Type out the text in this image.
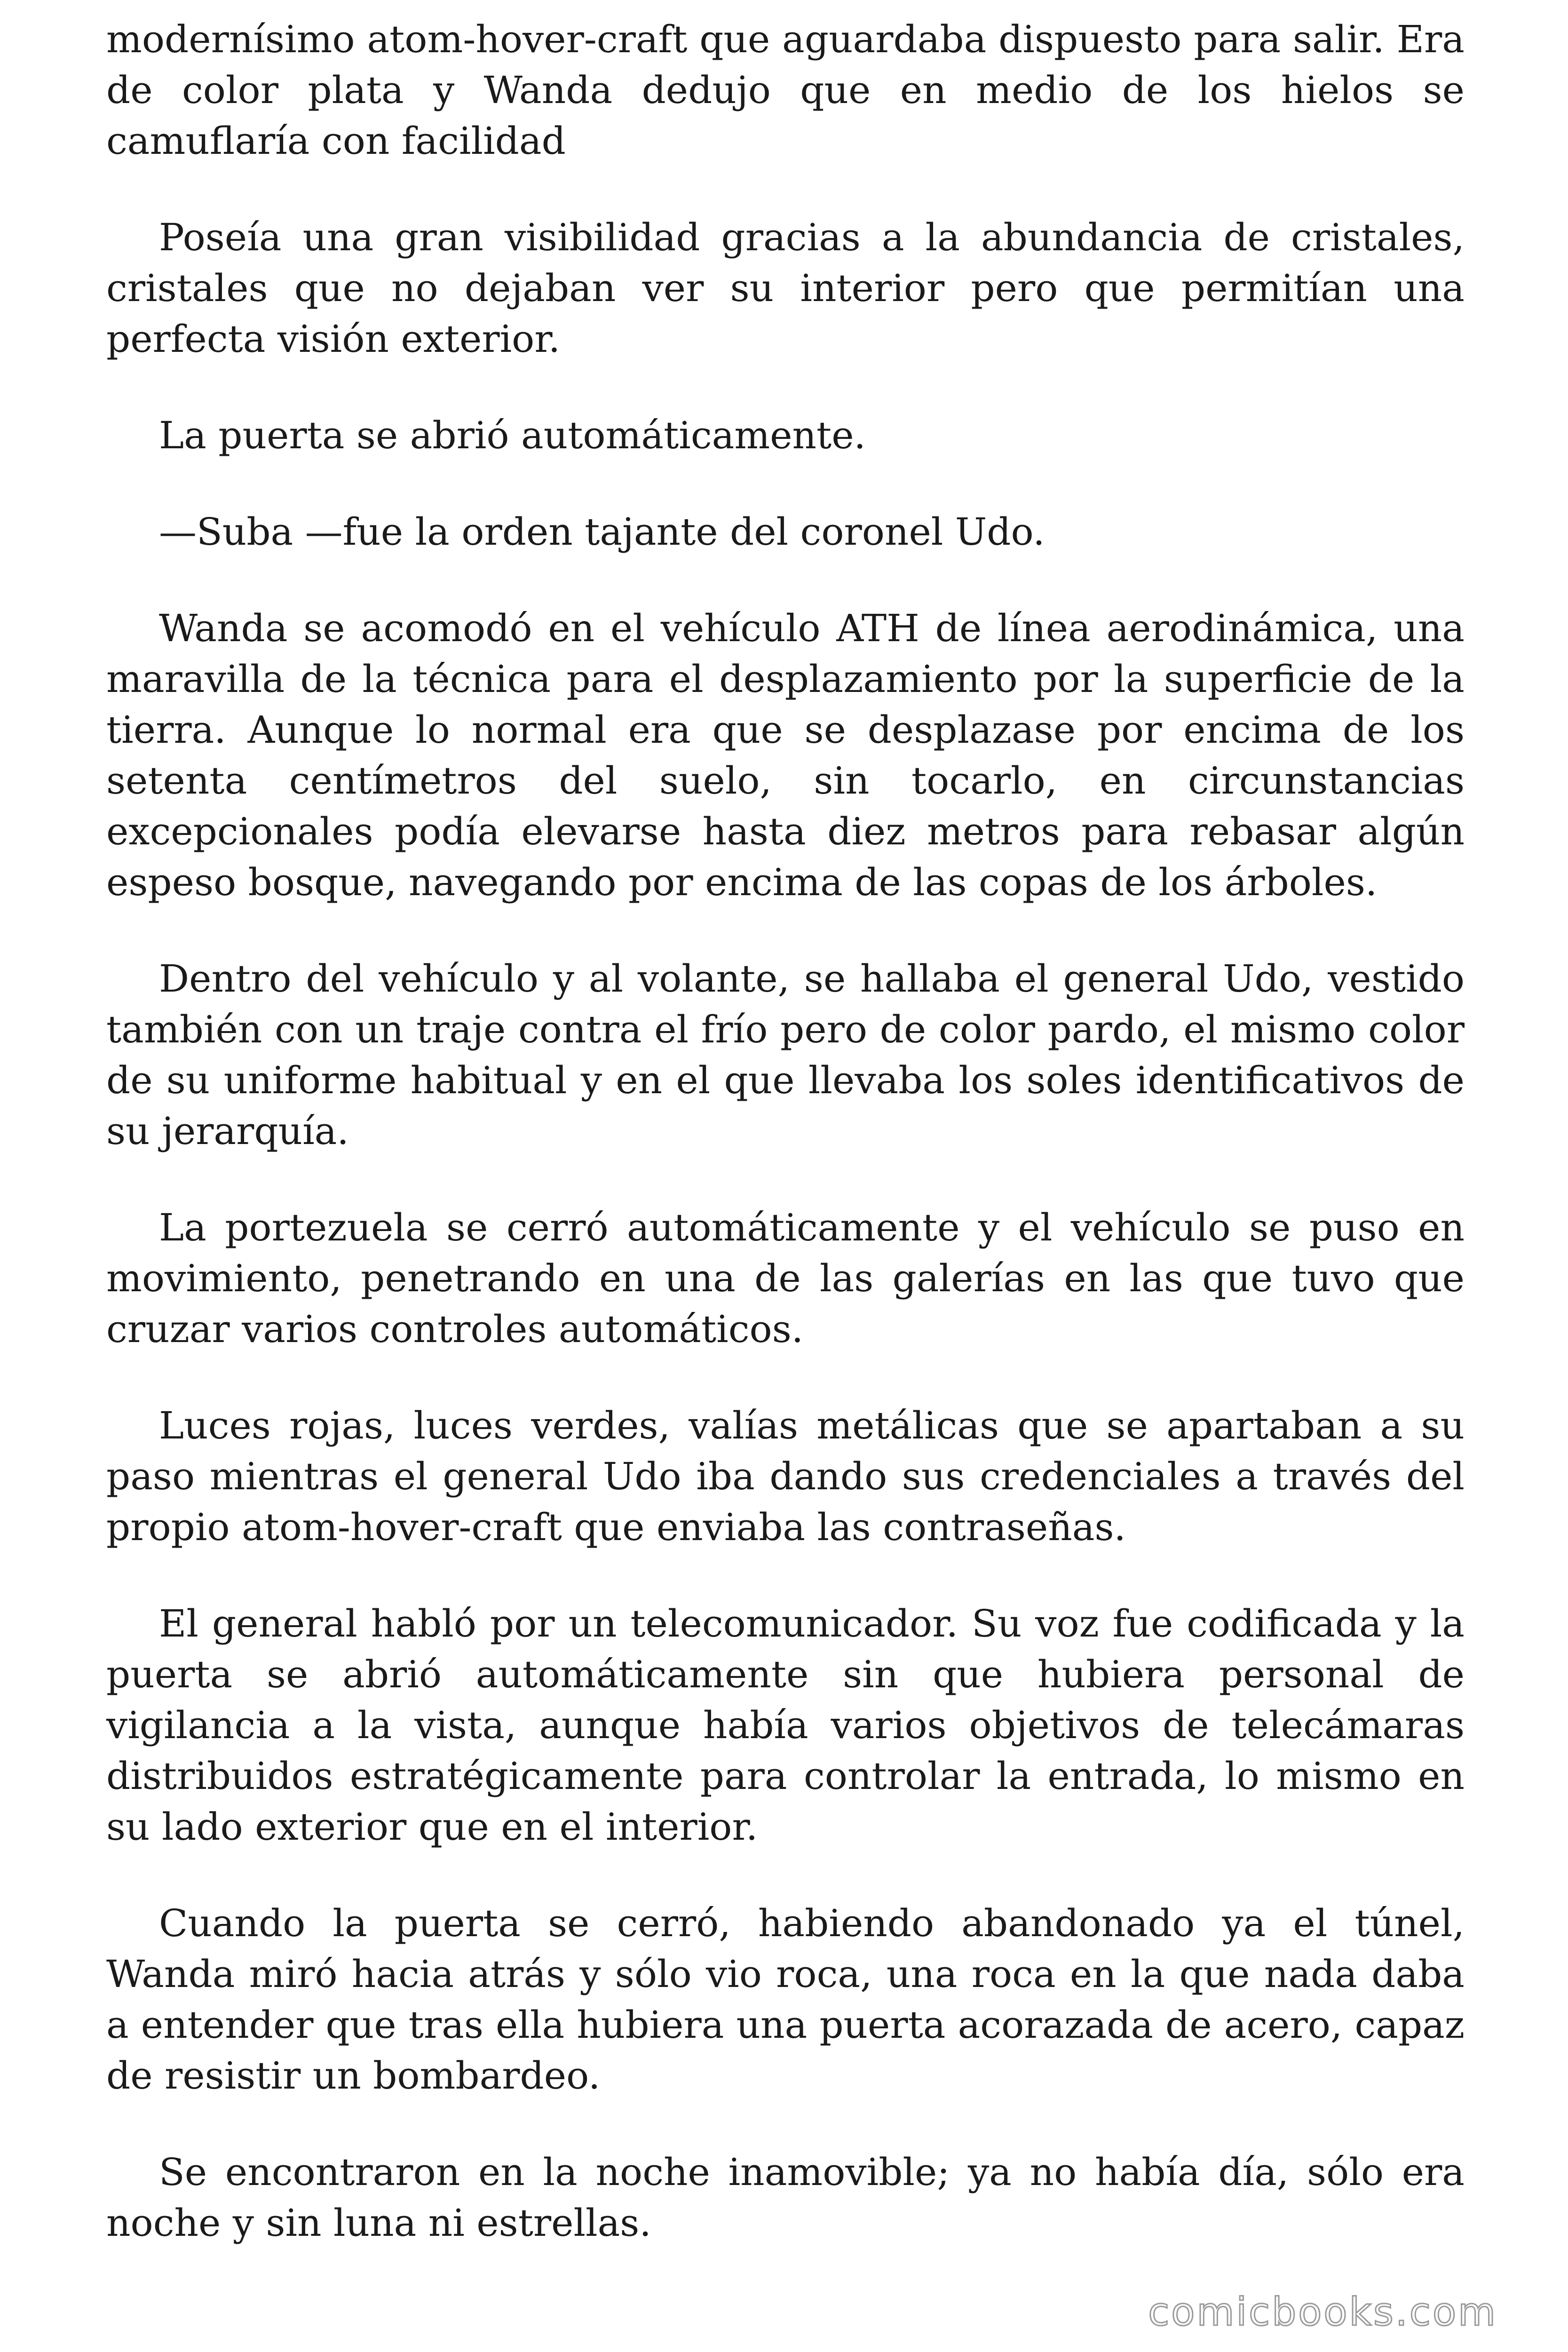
modernísimo atom-hover-craft que aguardaba dispuesto para salir. Era de color plata y Wanda dedujo que en medio de los hielos se camuflaría con facilidad

Poseía una gran visibilidad gracias a la abundancia de cristales, cristales que no dejaban ver su interior pero que permitían una perfecta visión exterior.

La puerta se abrió automáticamente.

—Suba —fue la orden tajante del coronel Udo.

Wanda se acomodó en el vehículo ATH de línea aerodinámica, una maravilla de la técnica para el desplazamiento por la superficie de la tierra. Aunque lo normal era que se desplazase por encima de los setenta centímetros del suelo, sin tocarlo, en circunstancias excepcionales podía elevarse hasta diez metros para rebasar algún espeso bosque, navegando por encima de las copas de los árboles.

Dentro del vehículo y al volante, se hallaba el general Udo, vestido también con un traje contra el frío pero de color pardo, el mismo color de su uniforme habitual y en el que llevaba los soles identificativos de su jerarquía.

La portezuela se cerró automáticamente y el vehículo se puso en movimiento, penetrando en una de las galerías en las que tuvo que cruzar varios controles automáticos.

Luces rojas, luces verdes, valías metálicas que se apartaban a su paso mientras el general Udo iba dando sus credenciales a través del propio atom-hover-craft que enviaba las contraseñas.

El general habló por un telecomunicador. Su voz fue codificada y la puerta se abrió automáticamente sin que hubiera personal de vigilancia a la vista, aunque había varios objetivos de telecámaras distribuidos estratégicamente para controlar la entrada, lo mismo en su lado exterior que en el interior.

Cuando la puerta se cerró, habiendo abandonado ya el túnel, Wanda miró hacia atrás y sólo vio roca, una roca en la que nada daba a entender que tras ella hubiera una puerta acorazada de acero, capaz de resistir un bombardeo.

Se encontraron en la noche inamovible; ya no había día, sólo era noche y sin luna ni estrellas.

comicbooks.com
